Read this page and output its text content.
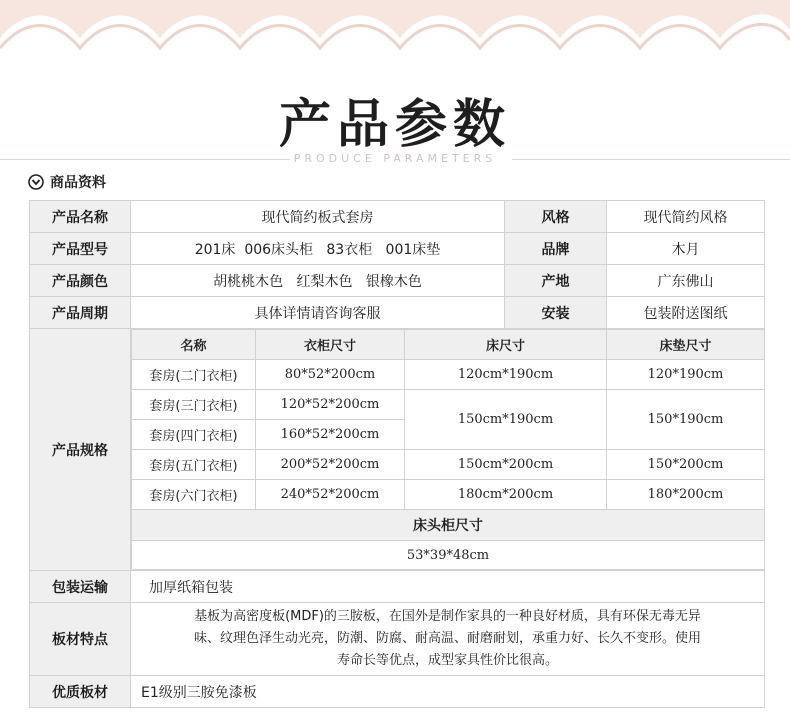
产品参数
PRODUCE PARAMETERS
商品资料
产品名称	现代简约板式套房	风格	现代简约风格
产品型号	201床  006床头柜   83衣柜   001床垫	品牌	木月
产品颜色	胡桃桃木色   红梨木色   银橡木色	产地	广东佛山
产品周期	具体详情请咨询客服	安装	包装附送图纸
产品规格	
名称	衣柜尺寸	床尺寸	床垫尺寸
套房(二门衣柜)	80*52*200cm	120cm*190cm	120*190cm
套房(三门衣柜)	120*52*200cm	150cm*190cm	150*190cm
套房(四门衣柜)	160*52*200cm
套房(五门衣柜)	200*52*200cm	150cm*200cm	150*200cm
套房(六门衣柜)	240*52*200cm	180cm*200cm	180*200cm
床头柜尺寸
53*39*48cm

包装运输	加厚纸箱包装
板材特点	
基板为高密度板(MDF)的三胺板，在国外是制作家具的一种良好材质，具有环保无毒无异
味、纹理色泽生动光亮，防潮、防腐、耐高温、耐磨耐划，承重力好、长久不变形。使用
寿命长等优点，成型家具性价比很高。

优质板材	E1级别三胺免漆板
